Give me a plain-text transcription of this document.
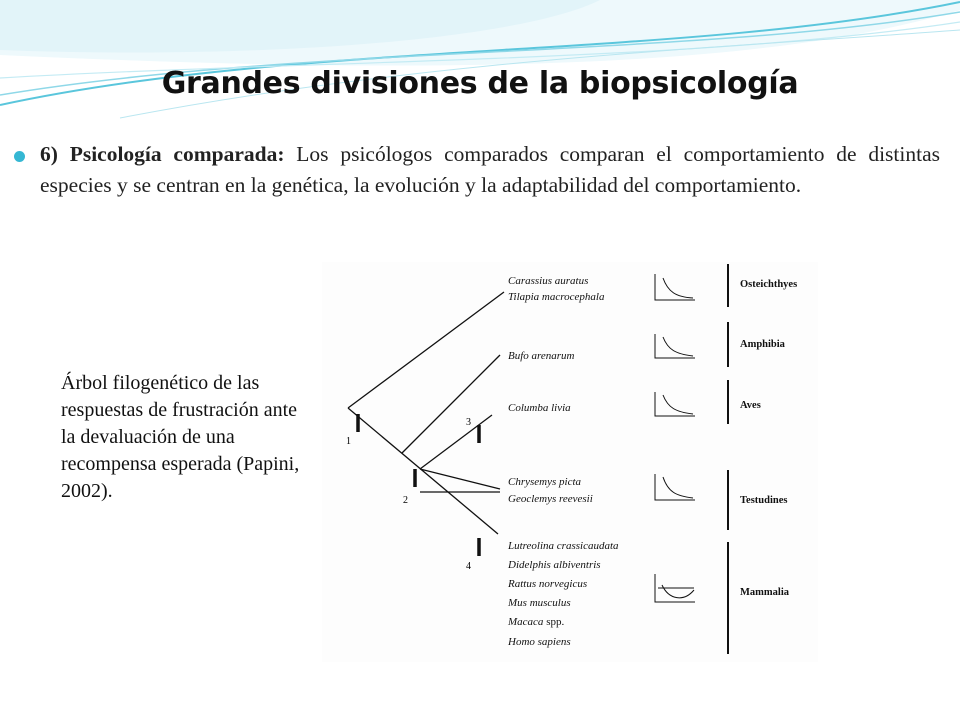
Grandes divisiones de la biopsicología
6) Psicología comparada: Los psicólogos comparados comparan el comportamiento de distintas especies y se centran en la genética, la evolución y la adaptabilidad del comportamiento.
Árbol filogenético de las respuestas de frustración ante la devaluación de una recompensa esperada (Papini, 2002).
1
2
3
4
Carassius auratus
Tilapia macrocephala
Bufo arenarum
Columba livia
Chrysemys picta
Geoclemys reevesii
Lutreolina crassicaudata
Didelphis albiventris
Rattus norvegicus
Mus musculus
Macaca spp.
Homo sapiens
Osteichthyes
Amphibia
Aves
Testudines
Mammalia
